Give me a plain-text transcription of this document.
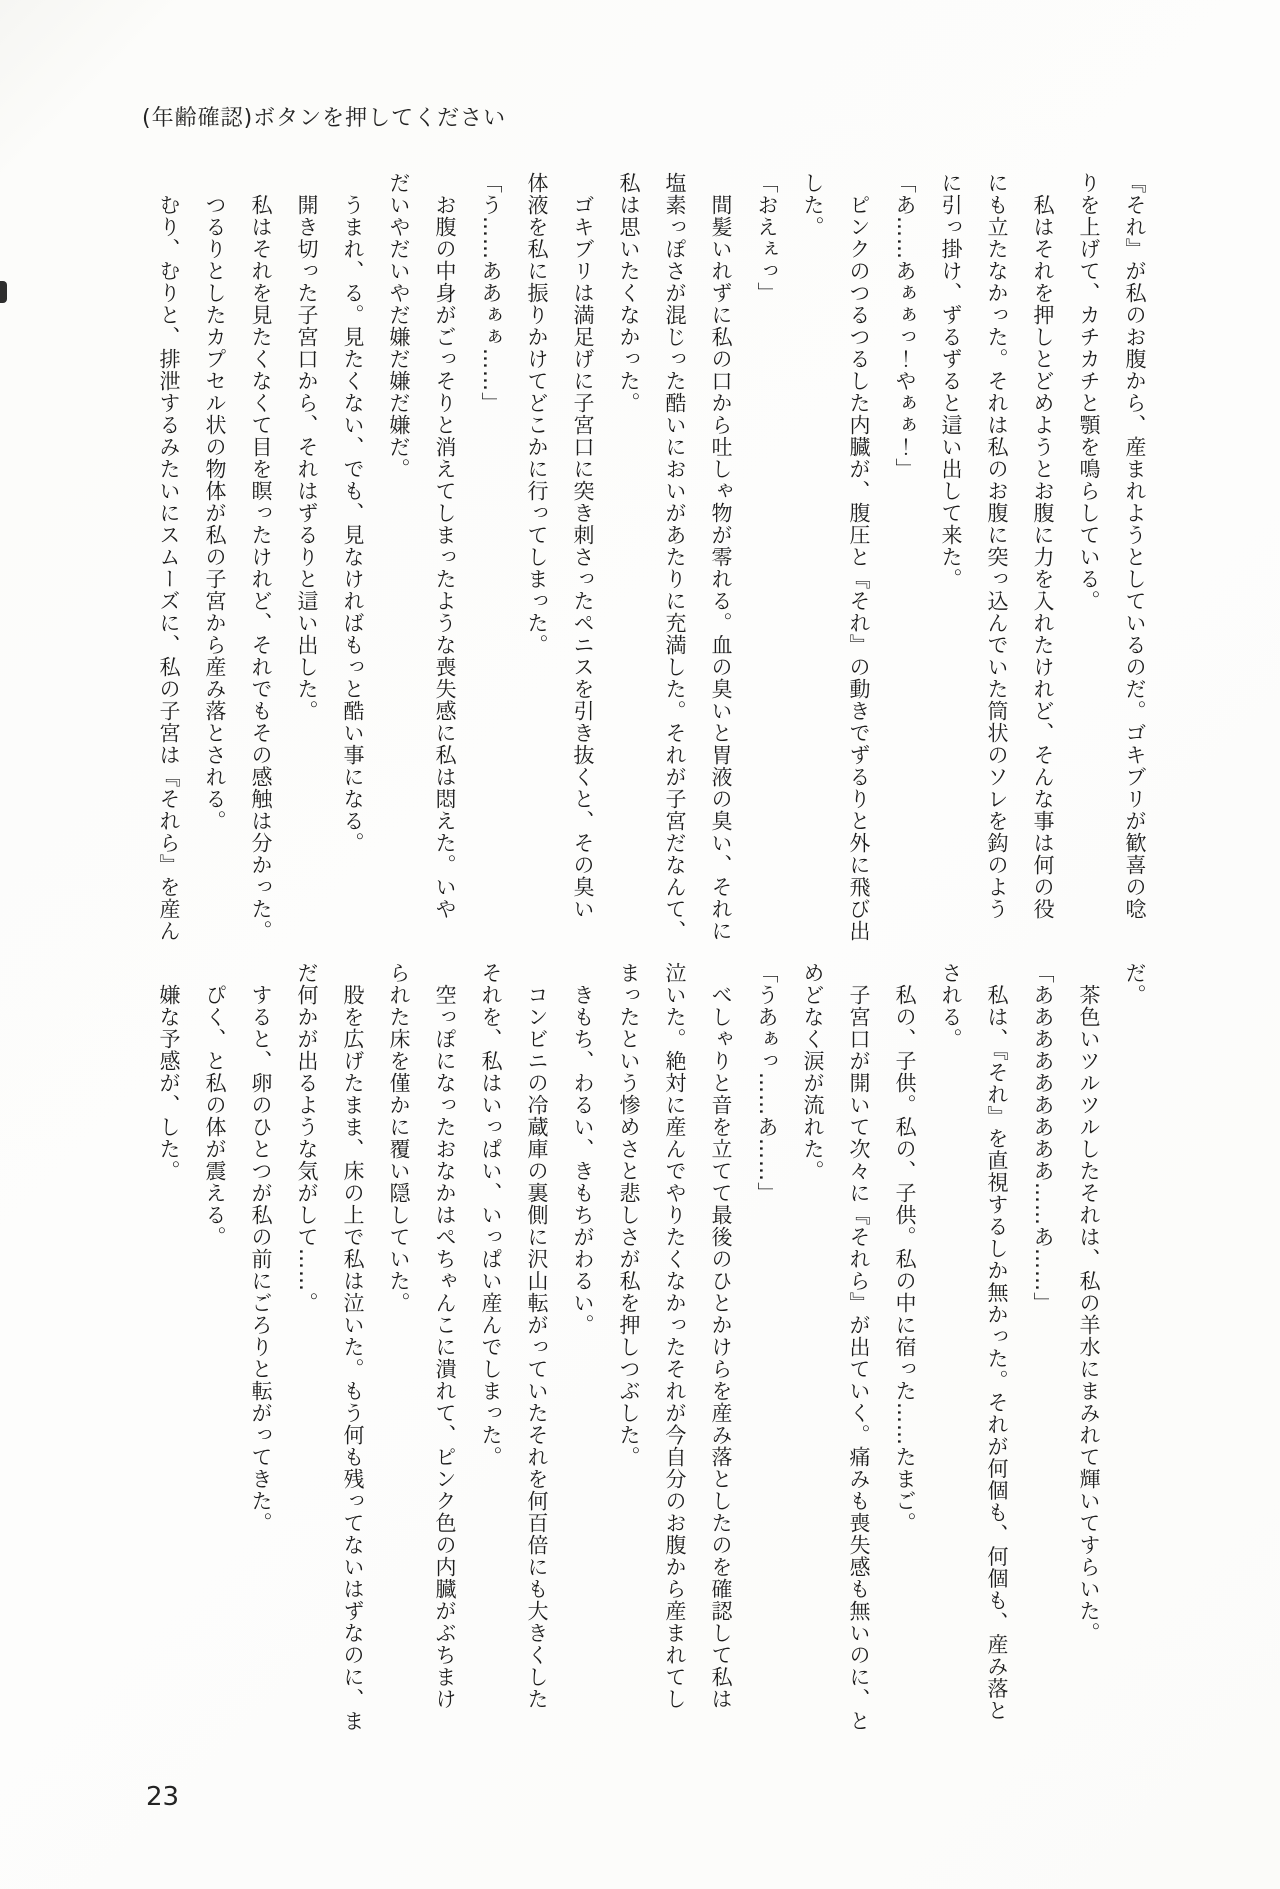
(年齢確認)ボタンを押してください
『それ』が私のお腹から、産まれようとしているのだ。ゴキブリが歓喜の唸
りを上げて、カチカチと顎を鳴らしている。
　私はそれを押しとどめようとお腹に力を入れたけれど、そんな事は何の役
にも立たなかった。それは私のお腹に突っ込んでいた筒状のソレを鈎のよう
に引っ掛け、ずるずると這い出して来た。
「あ……あぁぁっ！やぁぁ！」
　ピンクのつるつるした内臓が、腹圧と『それ』の動きでずるりと外に飛び出
した。
「おえぇっ」
　間髪いれずに私の口から吐しゃ物が零れる。血の臭いと胃液の臭い、それに
塩素っぽさが混じった酷いにおいがあたりに充満した。それが子宮だなんて、
私は思いたくなかった。
　ゴキブリは満足げに子宮口に突き刺さったペニスを引き抜くと、その臭い
体液を私に振りかけてどこかに行ってしまった。
「う……ああぁぁ……」
　お腹の中身がごっそりと消えてしまったような喪失感に私は悶えた。いや
だいやだいやだ嫌だ嫌だ嫌だ。
　うまれ、る。見たくない、でも、見なければもっと酷い事になる。
　開き切った子宮口から、それはずるりと這い出した。
　私はそれを見たくなくて目を瞑ったけれど、それでもその感触は分かった。
　つるりとしたカプセル状の物体が私の子宮から産み落とされる。
　むり、むりと、排泄するみたいにスムーズに、私の子宮は『それら』を産ん
だ。
　茶色いツルツルしたそれは、私の羊水にまみれて輝いてすらいた。
「あああああああああ……あ……」
　私は、『それ』を直視するしか無かった。それが何個も、何個も、産み落と
される。
　私の、子供。私の、子供。私の中に宿った……たまご。
　子宮口が開いて次々に『それら』が出ていく。痛みも喪失感も無いのに、と
めどなく涙が流れた。
「うあぁっ……あ……」
　べしゃりと音を立てて最後のひとかけらを産み落としたのを確認して私は
泣いた。絶対に産んでやりたくなかったそれが今自分のお腹から産まれてし
まったという惨めさと悲しさが私を押しつぶした。
　きもち、わるい、きもちがわるい。
　コンビニの冷蔵庫の裏側に沢山転がっていたそれを何百倍にも大きくした
それを、私はいっぱい、いっぱい産んでしまった。
　空っぽになったおなかはぺちゃんこに潰れて、ピンク色の内臓がぶちまけ
られた床を僅かに覆い隠していた。
　股を広げたまま、床の上で私は泣いた。もう何も残ってないはずなのに、ま
だ何かが出るような気がして……。
　すると、卵のひとつが私の前にごろりと転がってきた。
　ぴく、と私の体が震える。
　嫌な予感が、した。
23
